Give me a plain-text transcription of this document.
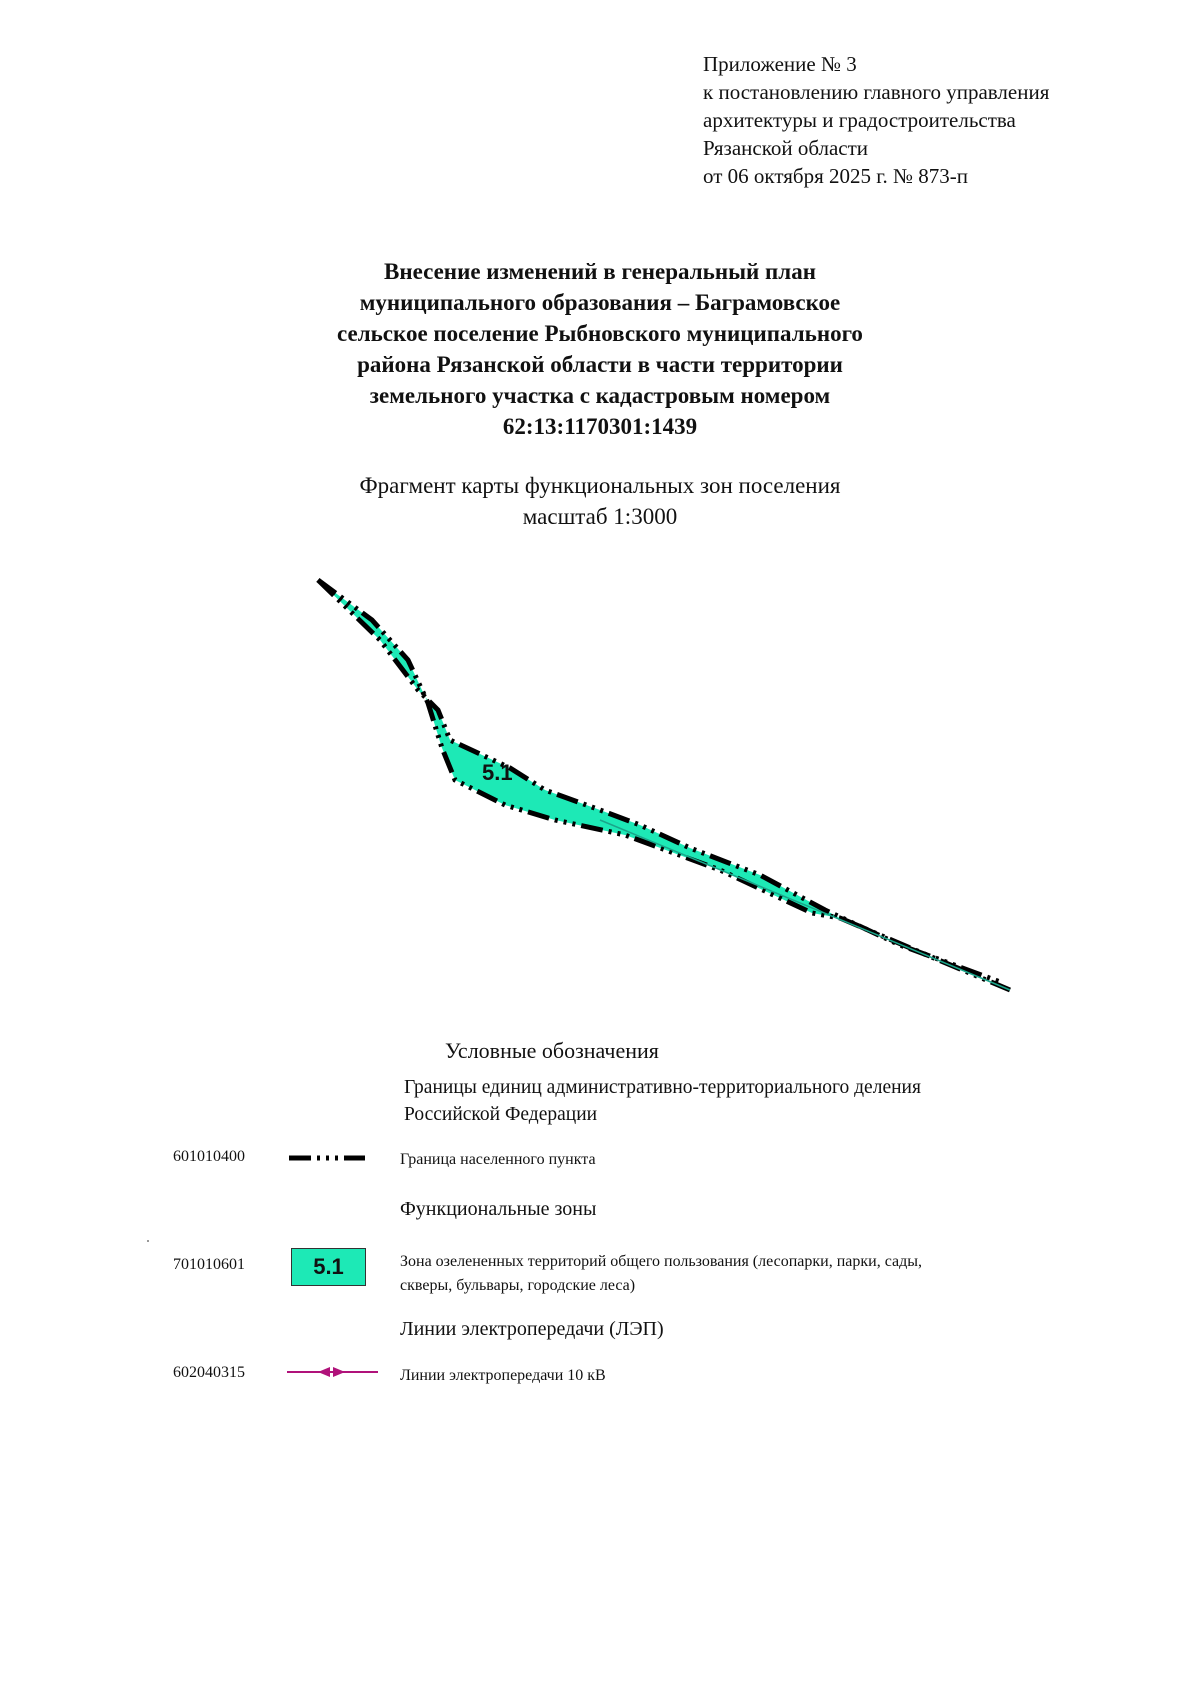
Приложение № 3
к постановлению главного управления
архитектуры и градостроительства
Рязанской области
от 06 октября 2025 г. № 873-п
Внесение изменений в генеральный план
муниципального образования – Баграмовское
сельское поселение Рыбновского муниципального
района Рязанской области в части территории
земельного участка с кадастровым номером
62:13:1170301:1439
Фрагмент карты функциональных зон поселения
масштаб 1:3000
5.1
Условные обозначения
Границы единиц административно-территориального деления
Российской Федерации
601010400	Граница населенного пункта
Функциональные зоны
701010601	5.1	Зона озелененных территорий общего пользования (лесопарки, парки, сады,
скверы, бульвары, городские леса)
Линии электропередачи (ЛЭП)
602040315	Линии электропередачи 10 кВ
